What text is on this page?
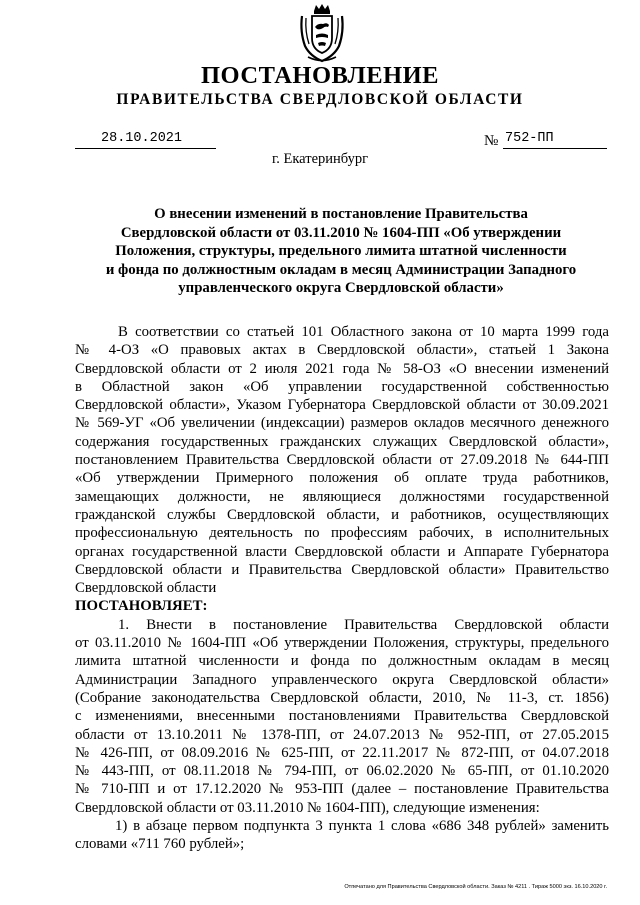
ПОСТАНОВЛЕНИЕ
ПРАВИТЕЛЬСТВА СВЕРДЛОВСКОЙ ОБЛАСТИ
28.10.2021	№ 752-ПП
г. Екатеринбург
О внесении изменений в постановление Правительства
Свердловской области от 03.11.2010 № 1604-ПП «Об утверждении
Положения, структуры, предельного лимита штатной численности
и фонда по должностным окладам в месяц Администрации Западного
управленческого округа Свердловской области»
В соответствии со статьей 101 Областного закона от 10 марта 1999 года
№ 4-ОЗ «О правовых актах в Свердловской области», статьей 1 Закона
Свердловской области от 2 июля 2021 года № 58-ОЗ «О внесении изменений
в Областной закон «Об управлении государственной собственностью
Свердловской области», Указом Губернатора Свердловской области от 30.09.2021
№ 569-УГ «Об увеличении (индексации) размеров окладов месячного денежного
содержания государственных гражданских служащих Свердловской области»,
постановлением Правительства Свердловской области от 27.09.2018 № 644-ПП
«Об утверждении Примерного положения об оплате труда работников,
замещающих должности, не являющиеся должностями государственной
гражданской службы Свердловской области, и работников, осуществляющих
профессиональную деятельность по профессиям рабочих, в исполнительных
органах государственной власти Свердловской области и Аппарате Губернатора
Свердловской области и Правительства Свердловской области» Правительство
Свердловской области
ПОСТАНОВЛЯЕТ:
1. Внести в постановление Правительства Свердловской области
от 03.11.2010 № 1604-ПП «Об утверждении Положения, структуры, предельного
лимита штатной численности и фонда по должностным окладам в месяц
Администрации Западного управленческого округа Свердловской области»
(Собрание законодательства Свердловской области, 2010, № 11-3, ст. 1856)
с изменениями, внесенными постановлениями Правительства Свердловской
области от 13.10.2011 № 1378-ПП, от 24.07.2013 № 952-ПП, от 27.05.2015
№ 426-ПП, от 08.09.2016 № 625-ПП, от 22.11.2017 № 872-ПП, от 04.07.2018
№ 443-ПП, от 08.11.2018 № 794-ПП, от 06.02.2020 № 65-ПП, от 01.10.2020
№ 710-ПП и от 17.12.2020 № 953-ПП (далее – постановление Правительства
Свердловской области от 03.11.2010 № 1604-ПП), следующие изменения:
1) в абзаце первом подпункта 3 пункта 1 слова «686 348 рублей» заменить
словами «711 760 рублей»;
Отпечатано для Правительства Свердловской области. Заказ № 4211 . Тираж 5000 экз. 16.10.2020 г.
